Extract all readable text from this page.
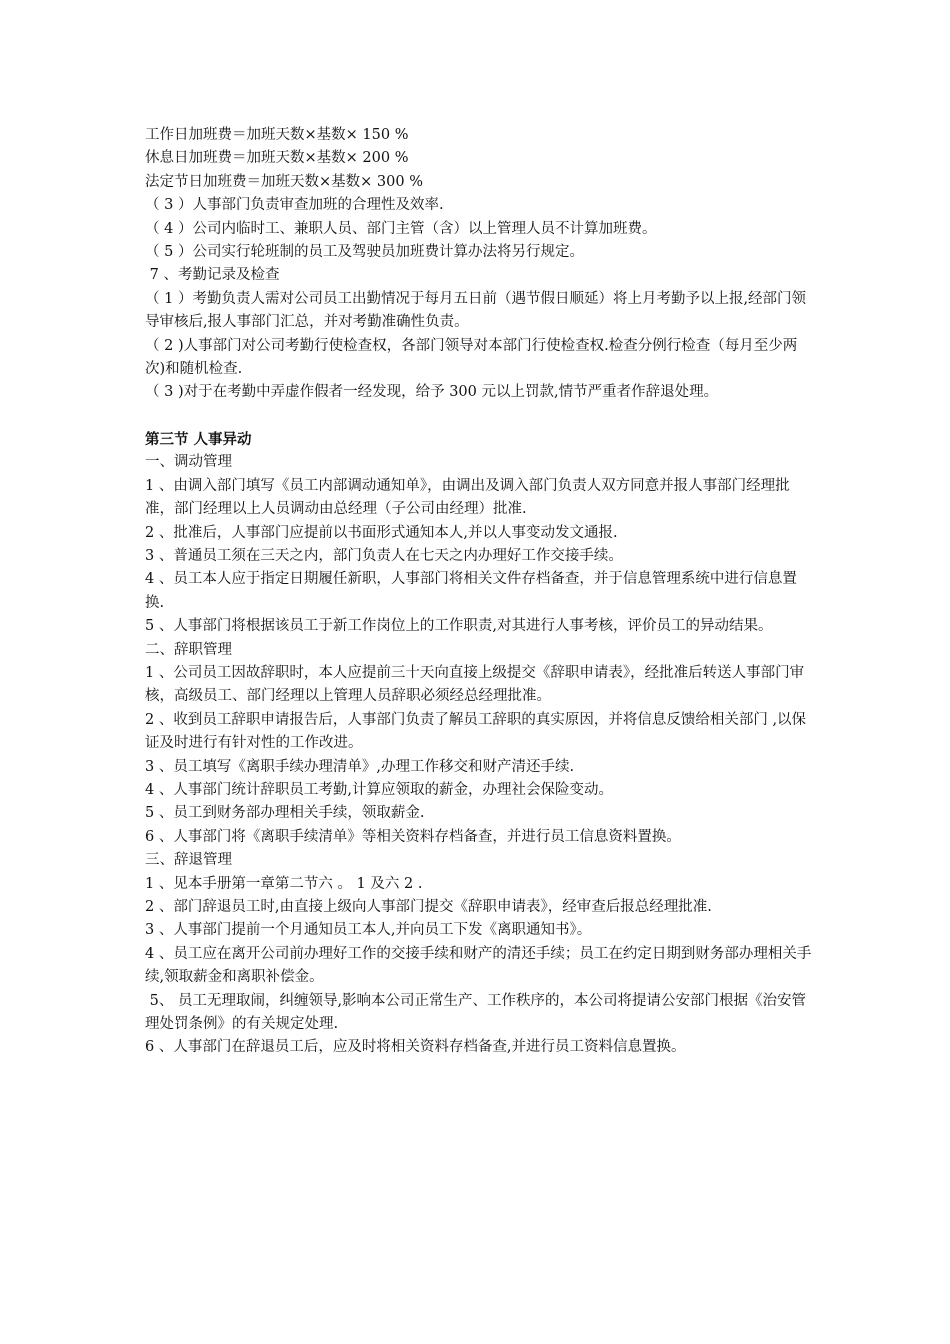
工作日加班费＝加班天数×基数× 150 %

休息日加班费＝加班天数×基数× 200 %

法定节日加班费＝加班天数×基数× 300 %

（ 3 ）人事部门负责审查加班的合理性及效率.

（ 4 ）公司内临时工、兼职人员、部门主管（含）以上管理人员不计算加班费。

（ 5 ）公司实行轮班制的员工及驾驶员加班费计算办法将另行规定。

7 、考勤记录及检查

（ 1 ）考勤负责人需对公司员工出勤情况于每月五日前（遇节假日顺延）将上月考勤予以上报,经部门领导审核后,报人事部门汇总，并对考勤准确性负责。

（ 2 )人事部门对公司考勤行使检查权，各部门领导对本部门行使检查权.检查分例行检查（每月至少两次)和随机检查.

（ 3 )对于在考勤中弄虚作假者一经发现，给予 300 元以上罚款,情节严重者作辞退处理。

第三节 人事异动

一、调动管理

1 、由调入部门填写《员工内部调动通知单》，由调出及调入部门负责人双方同意并报人事部门经理批准，部门经理以上人员调动由总经理（子公司由经理）批准.

2 、批准后，人事部门应提前以书面形式通知本人,并以人事变动发文通报.

3 、普通员工须在三天之内，部门负责人在七天之内办理好工作交接手续。

4 、员工本人应于指定日期履任新职，人事部门将相关文件存档备查，并于信息管理系统中进行信息置换.

5 、人事部门将根据该员工于新工作岗位上的工作职责,对其进行人事考核，评价员工的异动结果。

二、辞职管理

1 、公司员工因故辞职时，本人应提前三十天向直接上级提交《辞职申请表》，经批准后转送人事部门审核，高级员工、部门经理以上管理人员辞职必须经总经理批准。

2 、收到员工辞职申请报告后，人事部门负责了解员工辞职的真实原因，并将信息反馈给相关部门 ,以保证及时进行有针对性的工作改进。

3 、员工填写《离职手续办理清单》,办理工作移交和财产清还手续.

4 、人事部门统计辞职员工考勤,计算应领取的薪金，办理社会保险变动。

5 、员工到财务部办理相关手续，领取薪金.

6 、人事部门将《离职手续清单》等相关资料存档备查，并进行员工信息资料置换。

三、辞退管理

1 、见本手册第一章第二节六 。 1 及六 2 .

2 、部门辞退员工时,由直接上级向人事部门提交《辞职申请表》，经审查后报总经理批准.

3 、人事部门提前一个月通知员工本人,并向员工下发《离职通知书》。

4 、员工应在离开公司前办理好工作的交接手续和财产的清还手续；员工在约定日期到财务部办理相关手续,领取薪金和离职补偿金。

5、 员工无理取闹，纠缠领导,影响本公司正常生产、工作秩序的，本公司将提请公安部门根据《治安管理处罚条例》的有关规定处理.

6 、人事部门在辞退员工后，应及时将相关资料存档备查,并进行员工资料信息置换。
